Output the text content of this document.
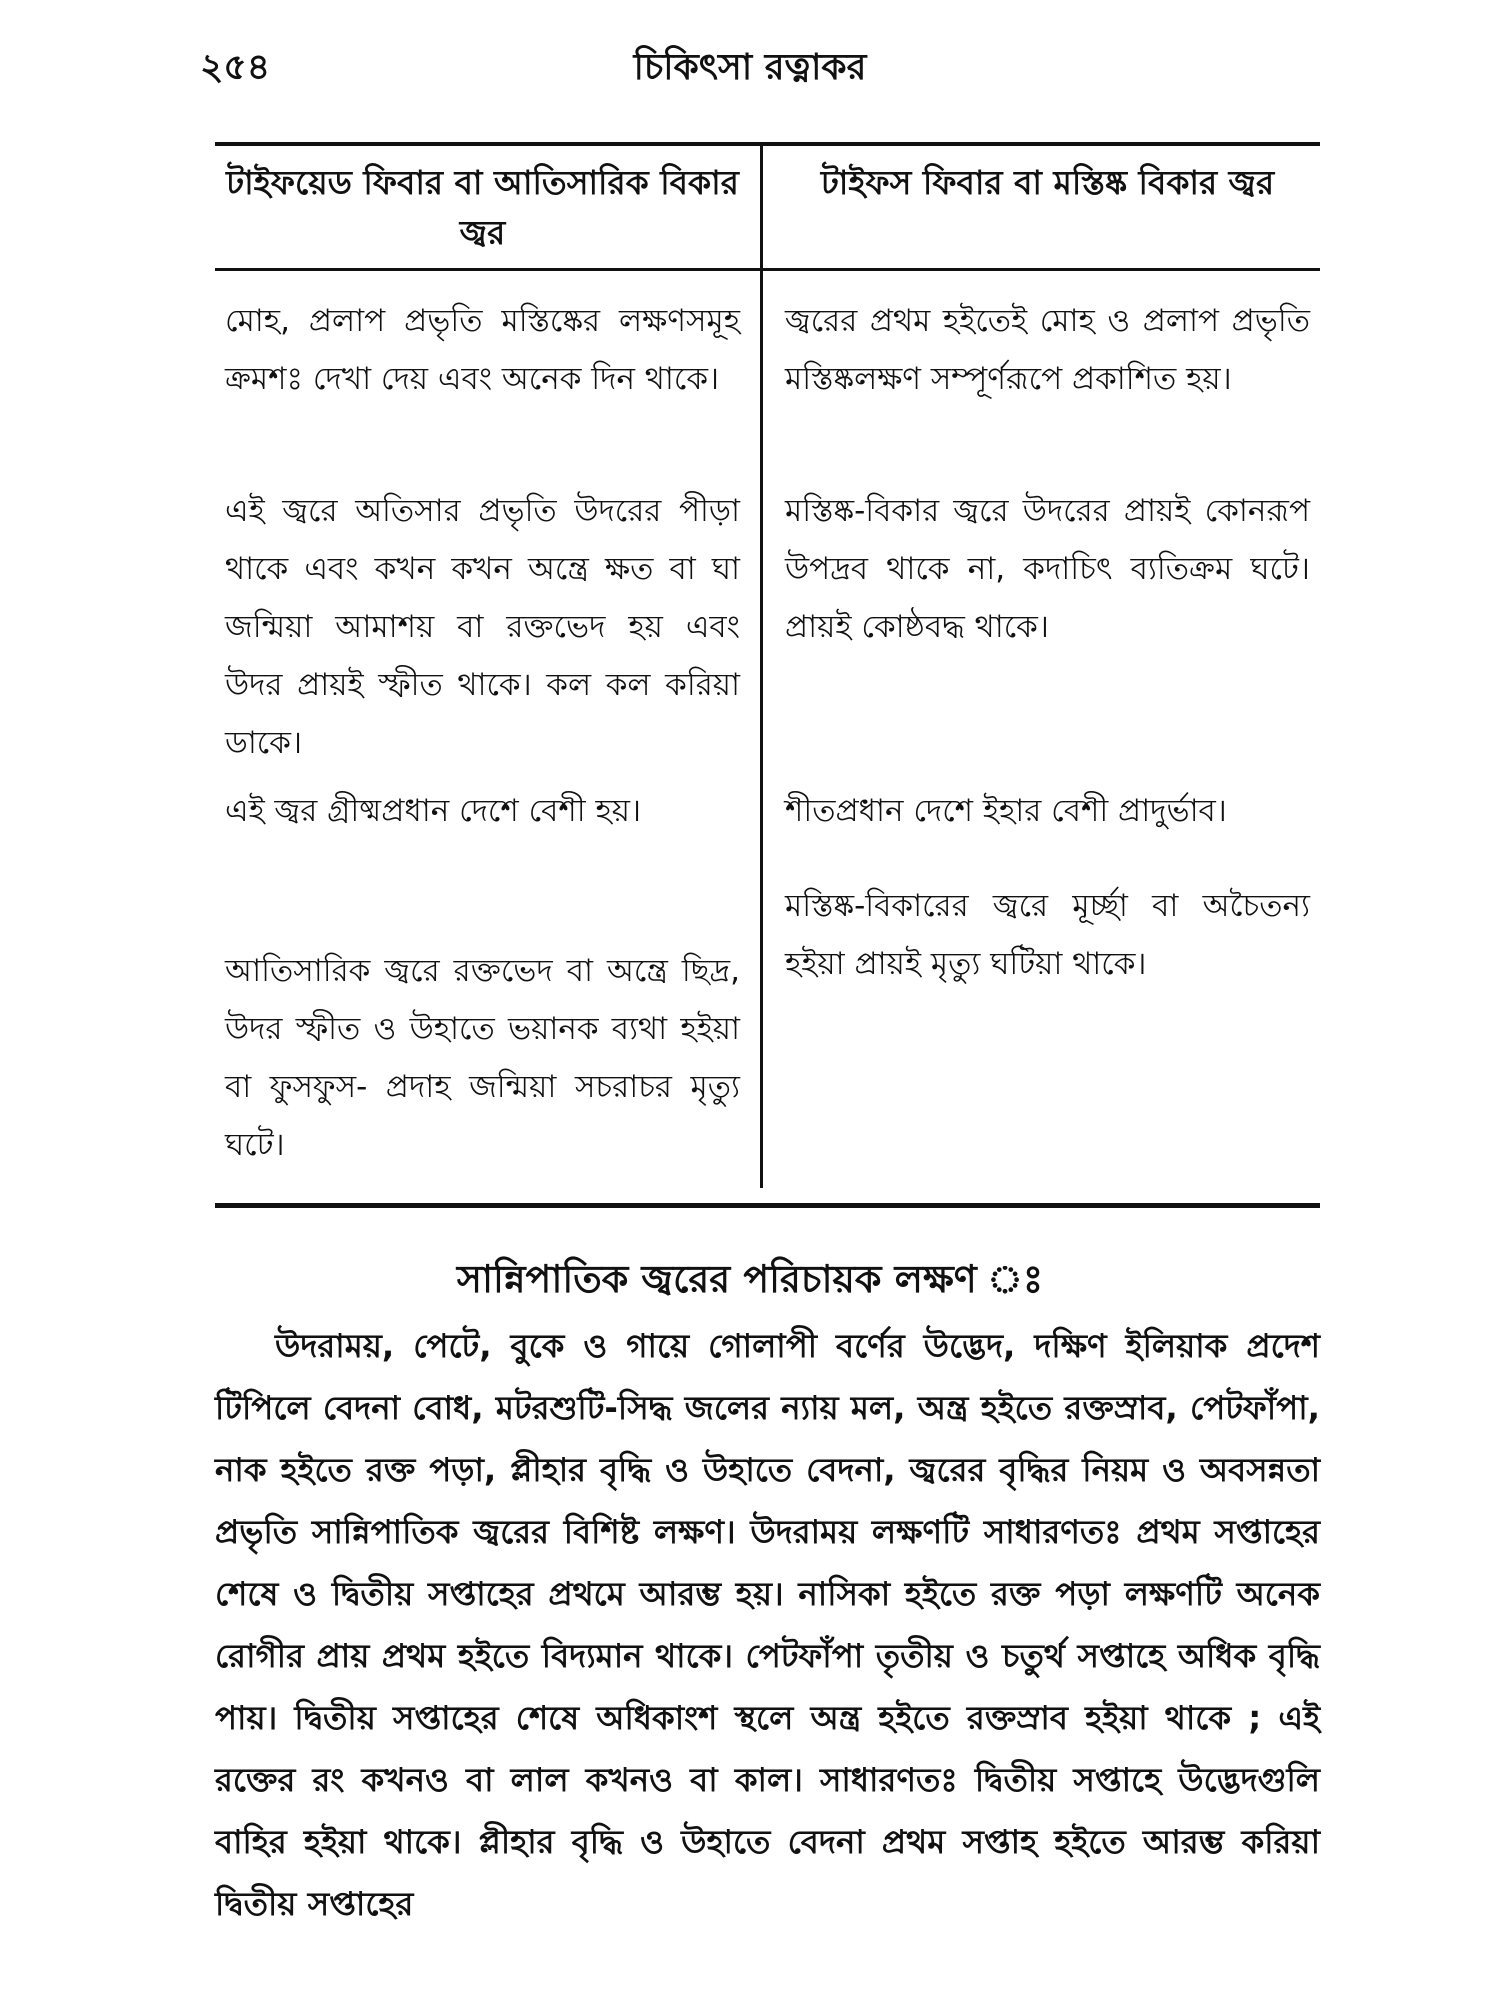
২৫৪	চিকিৎসা রত্নাকর
টাইফয়েড ফিবার বা আতিসারিক বিকার জ্বর
মোহ, প্রলাপ প্রভৃতি মস্তিষ্কের লক্ষণসমূহ ক্রমশঃ দেখা দেয় এবং অনেক দিন থাকে।
এই জ্বরে অতিসার প্রভৃতি উদরের পীড়া থাকে এবং কখন কখন অন্ত্রে ক্ষত বা ঘা জন্মিয়া আমাশয় বা রক্তভেদ হয় এবং উদর প্রায়ই স্ফীত থাকে। কল কল করিয়া ডাকে।
এই জ্বর গ্রীষ্মপ্রধান দেশে বেশী হয়।
আতিসারিক জ্বরে রক্তভেদ বা অন্ত্রে ছিদ্র, উদর স্ফীত ও উহাতে ভয়ানক ব্যথা হইয়া বা ফুসফুস- প্রদাহ জন্মিয়া সচরাচর মৃত্যু ঘটে।
টাইফস ফিবার বা মস্তিষ্ক বিকার জ্বর
জ্বরের প্রথম হইতেই মোহ ও প্রলাপ প্রভৃতি মস্তিষ্কলক্ষণ সম্পূর্ণরূপে প্রকাশিত হয়।
মস্তিষ্ক-বিকার জ্বরে উদরের প্রায়ই কোনরূপ উপদ্রব থাকে না, কদাচিৎ ব্যতিক্রম ঘটে। প্রায়ই কোষ্ঠবদ্ধ থাকে।
শীতপ্রধান দেশে ইহার বেশী প্রাদুর্ভাব।
মস্তিষ্ক-বিকারের জ্বরে মূর্চ্ছা বা অচৈতন্য হইয়া প্রায়ই মৃত্যু ঘটিয়া থাকে।
সান্নিপাতিক জ্বরের পরিচায়ক লক্ষণ ঃ
উদরাময়, পেটে, বুকে ও গায়ে গোলাপী বর্ণের উদ্ভেদ, দক্ষিণ ইলিয়াক প্রদেশ টিপিলে বেদনা বোধ, মটরশুটি-সিদ্ধ জলের ন্যায় মল, অন্ত্র হইতে রক্তস্রাব, পেটফাঁপা, নাক হইতে রক্ত পড়া, প্লীহার বৃদ্ধি ও উহাতে বেদনা, জ্বরের বৃদ্ধির নিয়ম ও অবসন্নতা প্রভৃতি সান্নিপাতিক জ্বরের বিশিষ্ট লক্ষণ। উদরাময় লক্ষণটি সাধারণতঃ প্রথম সপ্তাহের শেষে ও দ্বিতীয় সপ্তাহের প্রথমে আরম্ভ হয়। নাসিকা হইতে রক্ত পড়া লক্ষণটি অনেক রোগীর প্রায় প্রথম হইতে বিদ্যমান থাকে। পেটফাঁপা তৃতীয় ও চতুর্থ সপ্তাহে অধিক বৃদ্ধি পায়। দ্বিতীয় সপ্তাহের শেষে অধিকাংশ স্থলে অন্ত্র হইতে রক্তস্রাব হইয়া থাকে ; এই রক্তের রং কখনও বা লাল কখনও বা কাল। সাধারণতঃ দ্বিতীয় সপ্তাহে উদ্ভেদগুলি বাহির হইয়া থাকে। প্লীহার বৃদ্ধি ও উহাতে বেদনা প্রথম সপ্তাহ হইতে আরম্ভ করিয়া দ্বিতীয় সপ্তাহের
